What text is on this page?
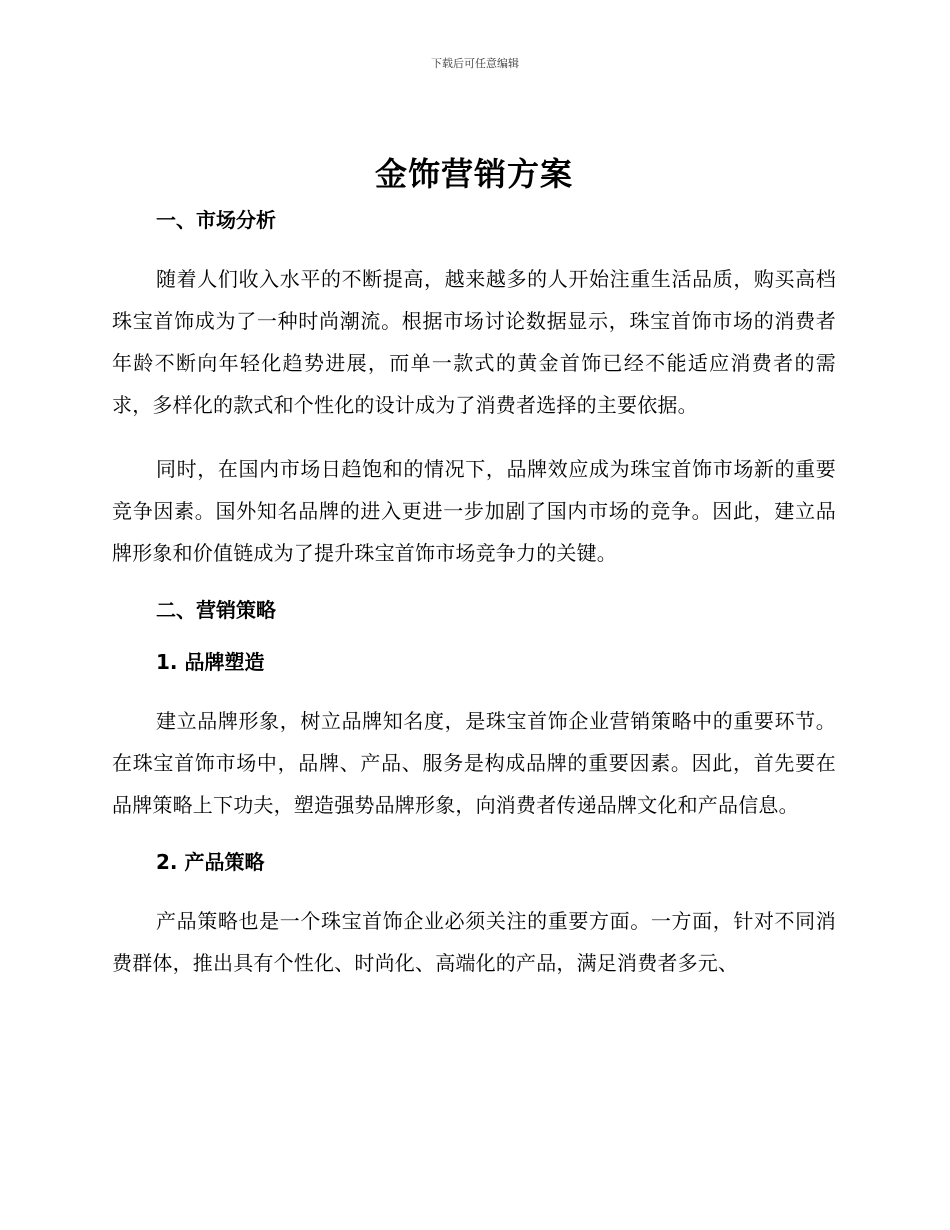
下载后可任意编辑
金饰营销方案
一、市场分析

随着人们收入水平的不断提高，越来越多的人开始注重生活品质，购买高档珠宝首饰成为了一种时尚潮流。根据市场讨论数据显示，珠宝首饰市场的消费者年龄不断向年轻化趋势进展，而单一款式的黄金首饰已经不能适应消费者的需求，多样化的款式和个性化的设计成为了消费者选择的主要依据。

同时，在国内市场日趋饱和的情况下，品牌效应成为珠宝首饰市场新的重要竞争因素。国外知名品牌的进入更进一步加剧了国内市场的竞争。因此，建立品牌形象和价值链成为了提升珠宝首饰市场竞争力的关键。

二、营销策略
1. 品牌塑造

建立品牌形象，树立品牌知名度，是珠宝首饰企业营销策略中的重要环节。在珠宝首饰市场中，品牌、产品、服务是构成品牌的重要因素。因此，首先要在品牌策略上下功夫，塑造强势品牌形象，向消费者传递品牌文化和产品信息。

2. 产品策略

产品策略也是一个珠宝首饰企业必须关注的重要方面。一方面，针对不同消费群体，推出具有个性化、时尚化、高端化的产品，满足消费者多元、
